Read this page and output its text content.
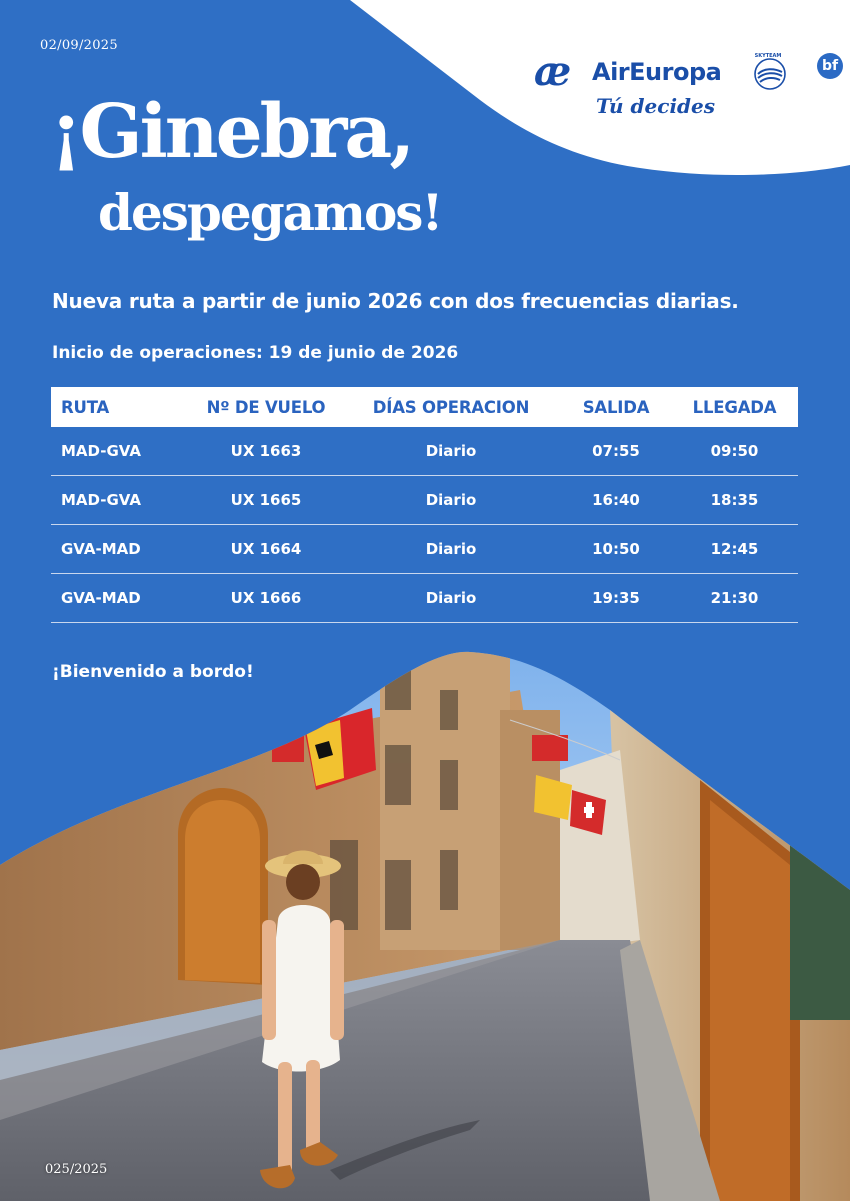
02/09/2025
æ AirEuropa
Tú decides
SKYTEAM
bf
¡Ginebra,
despegamos!
Nueva ruta a partir de junio 2026 con dos frecuencias diarias.
Inicio de operaciones: 19 de junio de 2026
RUTA	Nº DE VUELO	DÍAS OPERACION	SALIDA	LLEGADA
MAD-GVA	UX 1663	Diario	07:55	09:50
MAD-GVA	UX 1665	Diario	16:40	18:35
GVA-MAD	UX 1664	Diario	10:50	12:45
GVA-MAD	UX 1666	Diario	19:35	21:30
¡Bienvenido a bordo!
025/2025
